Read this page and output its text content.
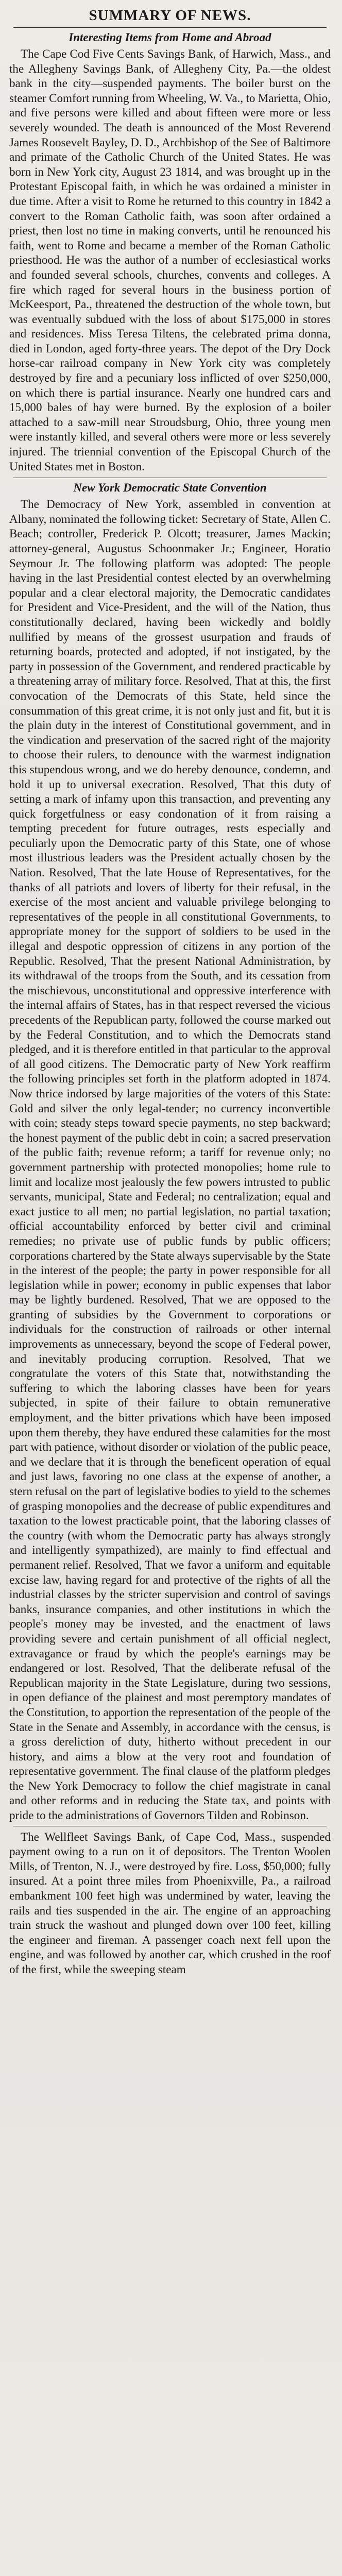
SUMMARY OF NEWS.
Interesting Items from Home and Abroad

The Cape Cod Five Cents Savings Bank, of Harwich, Mass., and the Allegheny Savings Bank, of Allegheny City, Pa.—the oldest bank in the city—suspended payments. The boiler burst on the steamer Comfort running from Wheeling, W. Va., to Marietta, Ohio, and five persons were killed and about fifteen were more or less severely wounded. The death is announced of the Most Reverend James Roosevelt Bayley, D. D., Archbishop of the See of Baltimore and primate of the Catholic Church of the United States. He was born in New York city, August 23 1814, and was brought up in the Protestant Episcopal faith, in which he was ordained a minister in due time. After a visit to Rome he returned to this country in 1842 a convert to the Roman Catholic faith, was soon after ordained a priest, then lost no time in making converts, until he renounced his faith, went to Rome and became a member of the Roman Catholic priesthood. He was the author of a number of ecclesiastical works and founded several schools, churches, convents and colleges. A fire which raged for several hours in the business portion of McKeesport, Pa., threatened the destruction of the whole town, but was eventually subdued with the loss of about $175,000 in stores and residences. Miss Teresa Tiltens, the celebrated prima donna, died in London, aged forty-three years. The depot of the Dry Dock horse-car railroad company in New York city was completely destroyed by fire and a pecuniary loss inflicted of over $250,000, on which there is partial insurance. Nearly one hundred cars and 15,000 bales of hay were burned. By the explosion of a boiler attached to a saw-mill near Stroudsburg, Ohio, three young men were instantly killed, and several others were more or less severely injured. The triennial convention of the Episcopal Church of the United States met in Boston.

New York Democratic State Convention

The Democracy of New York, assembled in convention at Albany, nominated the following ticket: Secretary of State, Allen C. Beach; controller, Frederick P. Olcott; treasurer, James Mackin; attorney-general, Augustus Schoonmaker Jr.; Engineer, Horatio Seymour Jr. The following platform was adopted: The people having in the last Presidential contest elected by an overwhelming popular and a clear electoral majority, the Democratic candidates for President and Vice-President, and the will of the Nation, thus constitutionally declared, having been wickedly and boldly nullified by means of the grossest usurpation and frauds of returning boards, protected and adopted, if not instigated, by the party in possession of the Government, and rendered practicable by a threatening array of military force. Resolved, That at this, the first convocation of the Democrats of this State, held since the consummation of this great crime, it is not only just and fit, but it is the plain duty in the interest of Constitutional government, and in the vindication and preservation of the sacred right of the majority to choose their rulers, to denounce with the warmest indignation this stupendous wrong, and we do hereby denounce, condemn, and hold it up to universal execration. Resolved, That this duty of setting a mark of infamy upon this transaction, and preventing any quick forgetfulness or easy condonation of it from raising a tempting precedent for future outrages, rests especially and peculiarly upon the Democratic party of this State, one of whose most illustrious leaders was the President actually chosen by the Nation. Resolved, That the late House of Representatives, for the thanks of all patriots and lovers of liberty for their refusal, in the exercise of the most ancient and valuable privilege belonging to representatives of the people in all constitutional Governments, to appropriate money for the support of soldiers to be used in the illegal and despotic oppression of citizens in any portion of the Republic. Resolved, That the present National Administration, by its withdrawal of the troops from the South, and its cessation from the mischievous, unconstitutional and oppressive interference with the internal affairs of States, has in that respect reversed the vicious precedents of the Republican party, followed the course marked out by the Federal Constitution, and to which the Democrats stand pledged, and it is therefore entitled in that particular to the approval of all good citizens. The Democratic party of New York reaffirm the following principles set forth in the platform adopted in 1874. Now thrice indorsed by large majorities of the voters of this State: Gold and silver the only legal-tender; no currency inconvertible with coin; steady steps toward specie payments, no step backward; the honest payment of the public debt in coin; a sacred preservation of the public faith; revenue reform; a tariff for revenue only; no government partnership with protected monopolies; home rule to limit and localize most jealously the few powers intrusted to public servants, municipal, State and Federal; no centralization; equal and exact justice to all men; no partial legislation, no partial taxation; official accountability enforced by better civil and criminal remedies; no private use of public funds by public officers; corporations chartered by the State always supervisable by the State in the interest of the people; the party in power responsible for all legislation while in power; economy in public expenses that labor may be lightly burdened. Resolved, That we are opposed to the granting of subsidies by the Government to corporations or individuals for the construction of railroads or other internal improvements as unnecessary, beyond the scope of Federal power, and inevitably producing corruption. Resolved, That we congratulate the voters of this State that, notwithstanding the suffering to which the laboring classes have been for years subjected, in spite of their failure to obtain remunerative employment, and the bitter privations which have been imposed upon them thereby, they have endured these calamities for the most part with patience, without disorder or violation of the public peace, and we declare that it is through the beneficent operation of equal and just laws, favoring no one class at the expense of another, a stern refusal on the part of legislative bodies to yield to the schemes of grasping monopolies and the decrease of public expenditures and taxation to the lowest practicable point, that the laboring classes of the country (with whom the Democratic party has always strongly and intelligently sympathized), are mainly to find effectual and permanent relief. Resolved, That we favor a uniform and equitable excise law, having regard for and protective of the rights of all the industrial classes by the stricter supervision and control of savings banks, insurance companies, and other institutions in which the people's money may be invested, and the enactment of laws providing severe and certain punishment of all official neglect, extravagance or fraud by which the people's earnings may be endangered or lost. Resolved, That the deliberate refusal of the Republican majority in the State Legislature, during two sessions, in open defiance of the plainest and most peremptory mandates of the Constitution, to apportion the representation of the people of the State in the Senate and Assembly, in accordance with the census, is a gross dereliction of duty, hitherto without precedent in our history, and aims a blow at the very root and foundation of representative government. The final clause of the platform pledges the New York Democracy to follow the chief magistrate in canal and other reforms and in reducing the State tax, and points with pride to the administrations of Governors Tilden and Robinson.

The Wellfleet Savings Bank, of Cape Cod, Mass., suspended payment owing to a run on it of depositors. The Trenton Woolen Mills, of Trenton, N. J., were destroyed by fire. Loss, $50,000; fully insured. At a point three miles from Phoenixville, Pa., a railroad embankment 100 feet high was undermined by water, leaving the rails and ties suspended in the air. The engine of an approaching train struck the washout and plunged down over 100 feet, killing the engineer and fireman. A passenger coach next fell upon the engine, and was followed by another car, which crushed in the roof of the first, while the sweeping steam
